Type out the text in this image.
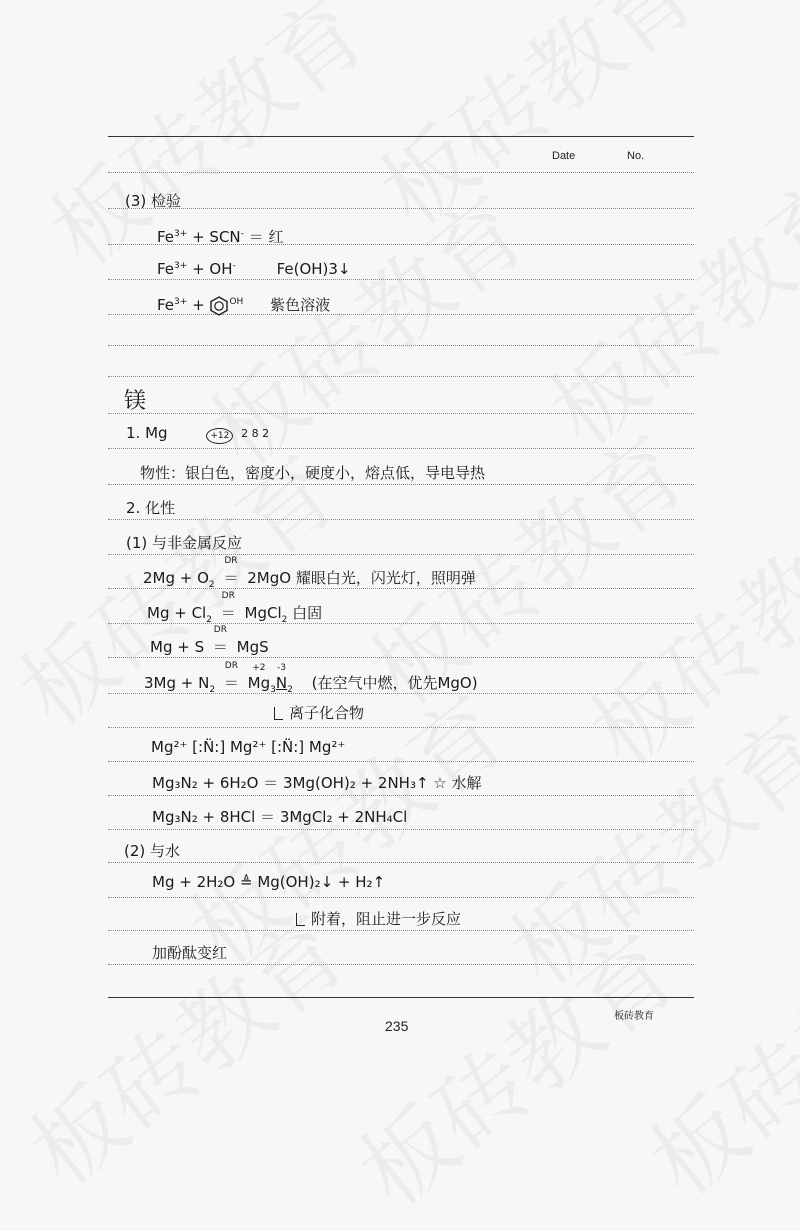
Date	No.
(3) 检验
$Fe^{3+} + SCN^-$ ＝ 红
$Fe^{3+} + OH^-$	Fe(OH)3↓
$Fe^{3+} + ^{OH}$ 紫色溶液
镁
1. Mg	+12 2 8 2
物性：银白色，密度小，硬度小，熔点低，导电导热
2. 化性
(1) 与非金属反应
$2Mg + O_2$ ＝
DR
2MgO 耀眼白光，闪光灯，照明弹
$Mg + Cl_2$ ＝
DR
MgCl$_2$ 白固
Mg + S ＝
DR
MgS
$3Mg + N_2$ ＝
DR
Mg
+2
$_3$N
-3
$_2$ (在空气中燃，优先MgO)
离子化合物
Mg²⁺ [:N̈:] Mg²⁺ [:N̈:] Mg²⁺
Mg₃N₂ + 6H₂O ＝ 3Mg(OH)₂ + 2NH₃↑ ☆ 水解
Mg₃N₂ + 8HCl ＝ 3MgCl₂ + 2NH₄Cl
(2) 与水
Mg + 2H₂O ≜ Mg(OH)₂↓ + H₂↑
附着，阻止进一步反应
加酚酞变红
板砖教育
235
